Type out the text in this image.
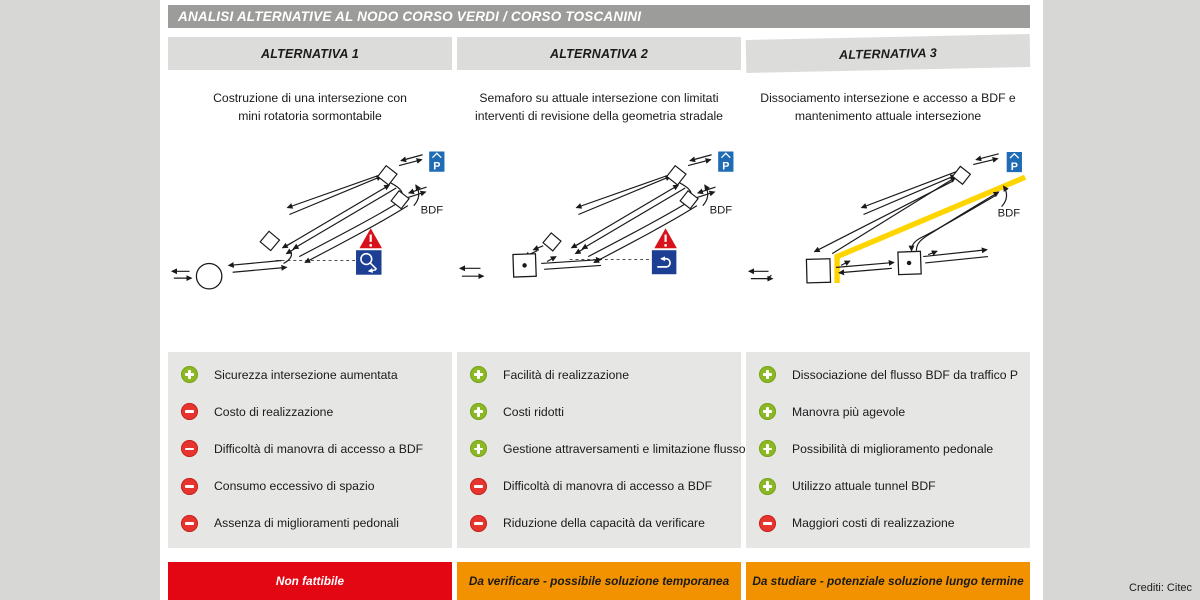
ANALISI ALTERNATIVE AL NODO CORSO VERDI / CORSO TOSCANINI
ALTERNATIVA 1
Costruzione di una intersezione con mini rotatoria sormontabile
P
BDF
Sicurezza intersezione aumentata
Costo di realizzazione
Difficoltà di manovra di accesso a BDF
Consumo eccessivo di spazio
Assenza di miglioramenti pedonali
Non fattibile
ALTERNATIVA 2
Semaforo su attuale intersezione con limitati interventi di revisione della geometria stradale
P
BDF
Facilità di realizzazione
Costi ridotti
Gestione attraversamenti e limitazione flusso
Difficoltà di manovra di accesso a BDF
Riduzione della capacità da verificare
Da verificare - possibile soluzione temporanea
ALTERNATIVA 3
Dissociamento intersezione e accesso a BDF e mantenimento attuale intersezione
P
BDF
Dissociazione del flusso BDF da traffico P
Manovra più agevole
Possibilità di miglioramento pedonale
Utilizzo attuale tunnel BDF
Maggiori costi di realizzazione
Da studiare - potenziale soluzione lungo termine	Crediti: Citec
